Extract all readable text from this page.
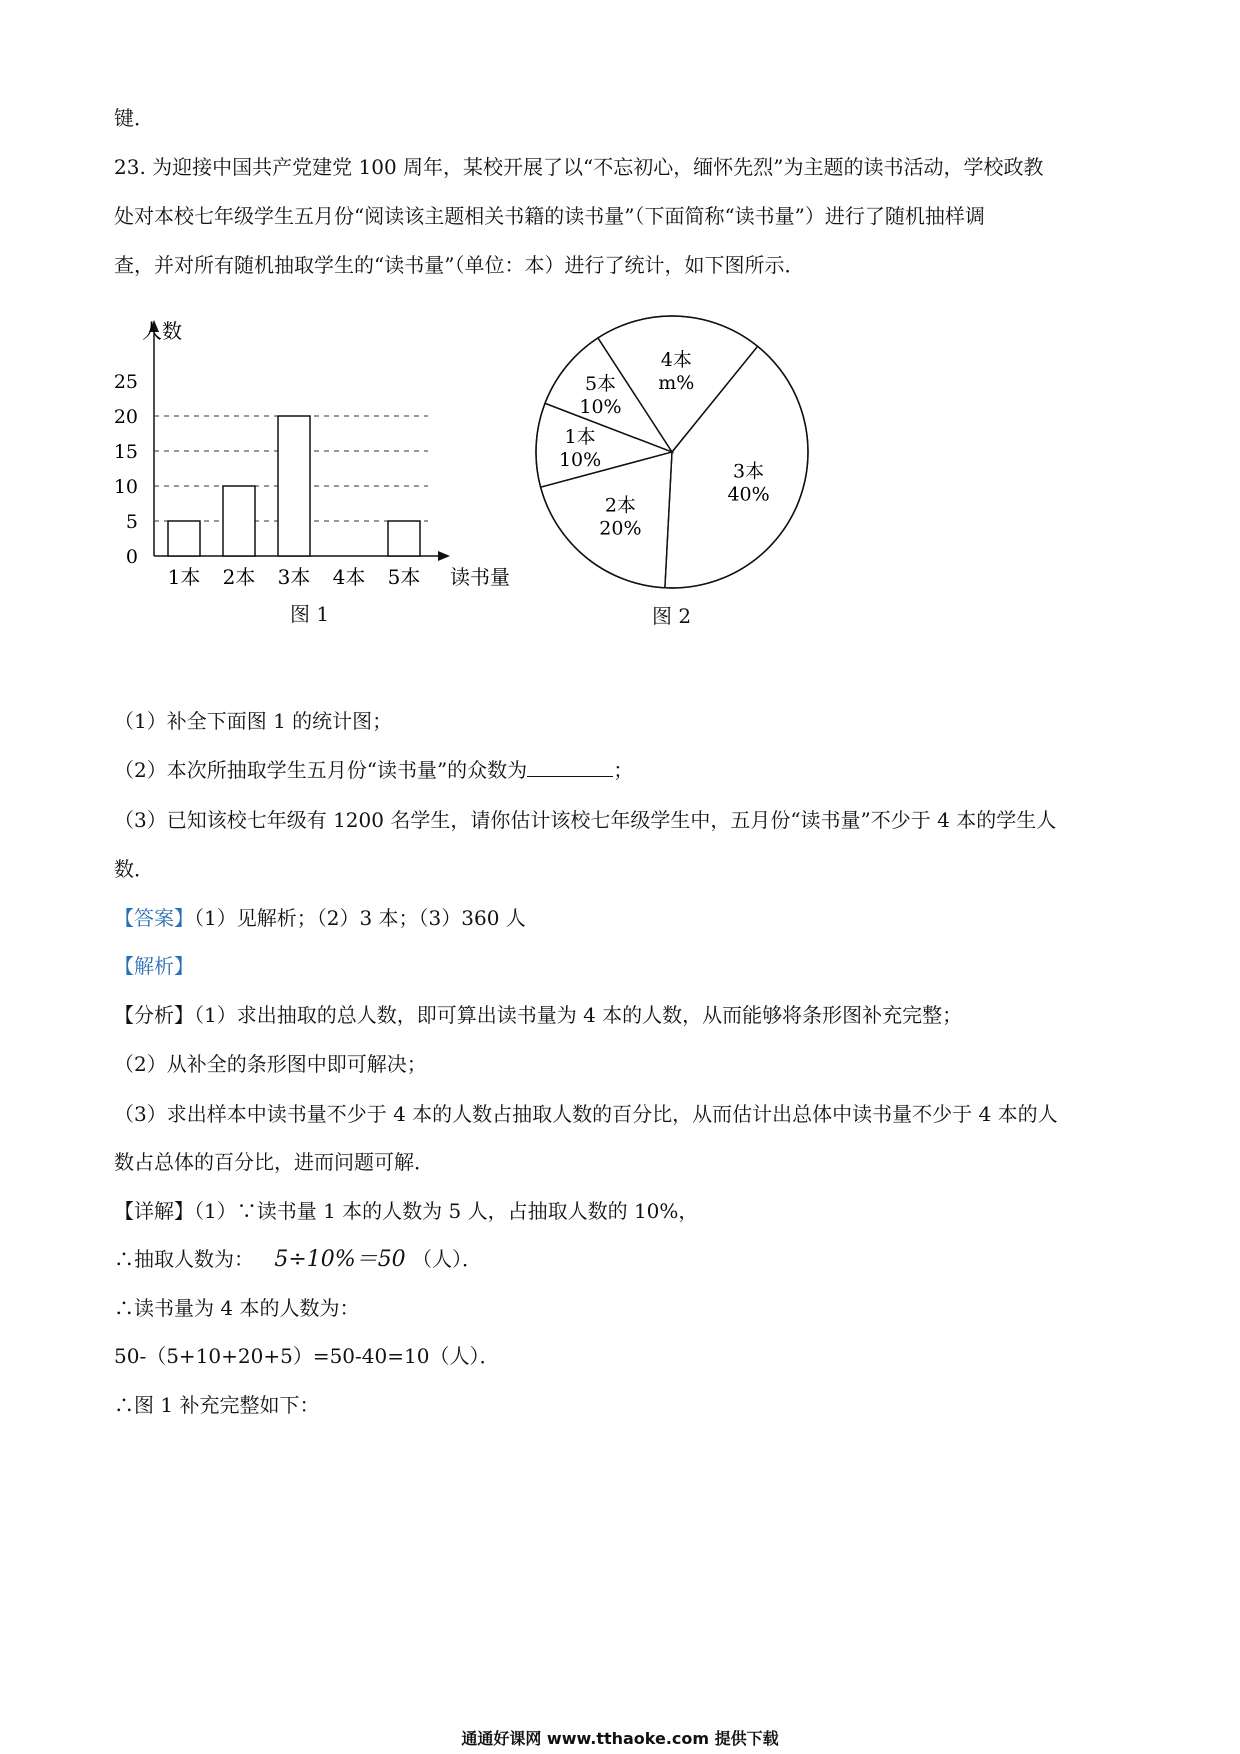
键．
23. 为迎接中国共产党建党 100 周年，某校开展了以“不忘初心，缅怀先烈”为主题的读书活动，学校政教
处对本校七年级学生五月份“阅读该主题相关书籍的读书量”（下面简称“读书量”）进行了随机抽样调
查，并对所有随机抽取学生的“读书量”（单位：本）进行了统计，如下图所示．
0
5
10
15
20
25
1本 2本 3本 4本 5本
人数
读书量
图 1
1本
10%
5本
10%
4本
m%
3本
40%
2本
20%
图 2
（1）补全下面图 1 的统计图；
（2）本次所抽取学生五月份“读书量”的众数为	；
（3）已知该校七年级有 1200 名学生，请你估计该校七年级学生中，五月份“读书量”不少于 4 本的学生人
数．
【答案】（1）见解析；（2）3 本；（3）360 人
【解析】
【分析】（1）求出抽取的总人数，即可算出读书量为 4 本的人数，从而能够将条形图补充完整；
（2）从补全的条形图中即可解决；
（3）求出样本中读书量不少于 4 本的人数占抽取人数的百分比，从而估计出总体中读书量不少于 4 本的人
数占总体的百分比，进而问题可解．
【详解】（1）∵读书量 1 本的人数为 5 人，占抽取人数的 10%，
∴抽取人数为： 5÷10%＝50 （人）．
∴读书量为 4 本的人数为：
50-（5+10+20+5）=50-40=10（人）．
∴图 1 补充完整如下：
通通好课网 www.tthaoke.com 提供下载
